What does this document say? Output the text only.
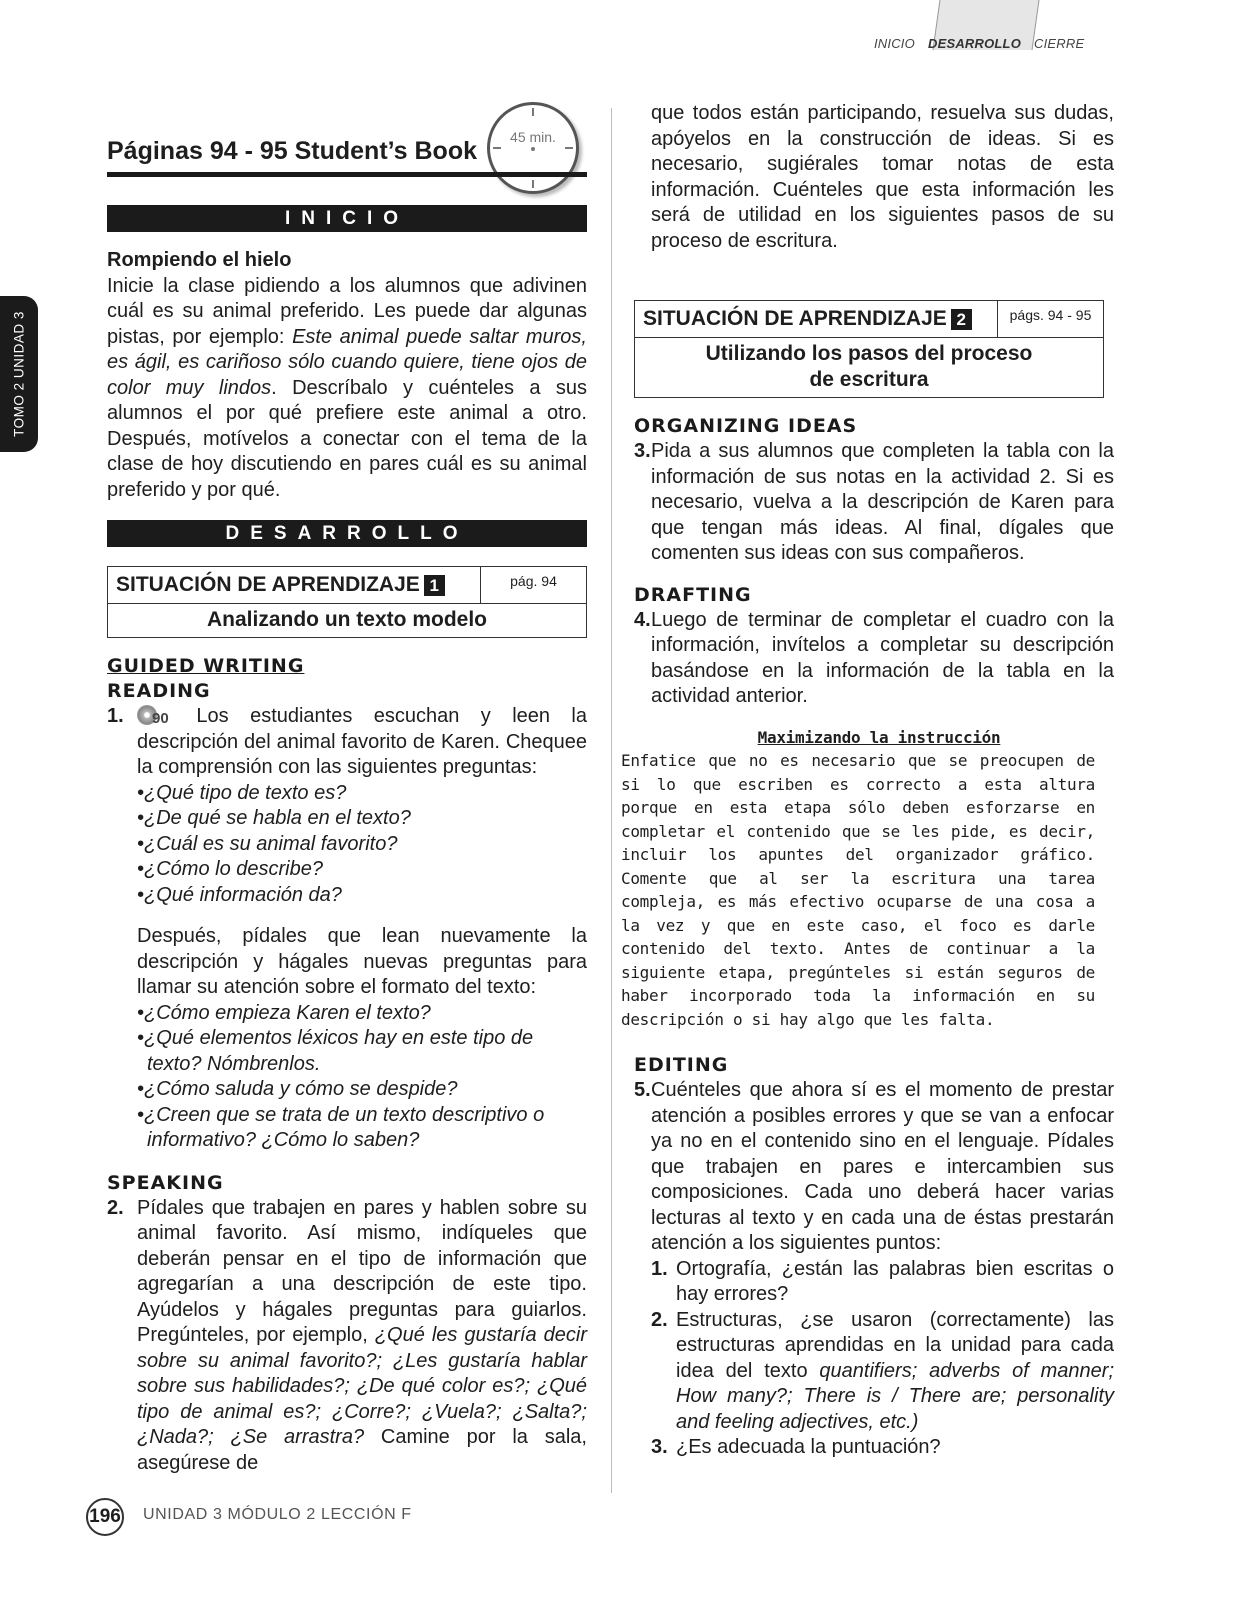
INICIO DESARROLLO CIERRE
TOMO 2 UNIDAD 3
45 min.
Páginas 94 - 95 Student’s Book
INICIO
Rompiendo el hielo

Inicie la clase pidiendo a los alumnos que adivinen cuál es su animal preferido. Les puede dar algunas pistas, por ejemplo: Este animal puede saltar muros, es ágil, es cariñoso sólo cuando quiere, tiene ojos de color muy lindos. Descríbalo y cuénteles a sus alumnos el por qué prefiere este animal a otro. Después, motívelos a conectar con el tema de la clase de hoy discutiendo en pares cuál es su animal preferido y por qué.

DESARROLLO
SITUACIÓN DE APRENDIZAJE 1	pág. 94
Analizando un texto modelo
GUIDED WRITING
READING
1.	90 Los estudiantes escuchan y leen la descripción del animal favorito de Karen. Chequee la comprensión con las siguientes preguntas:
•¿Qué tipo de texto es?
•¿De qué se habla en el texto?
•¿Cuál es su animal favorito?
•¿Cómo lo describe?
•¿Qué información da?

Después, pídales que lean nuevamente la descripción y hágales nuevas preguntas para llamar su atención sobre el formato del texto:

•¿Cómo empieza Karen el texto?
•¿Qué elementos léxicos hay en este tipo de
texto? Nómbrenlos.
•¿Cómo saluda y cómo se despide?
•¿Creen que se trata de un texto descriptivo o
informativo? ¿Cómo lo saben?
SPEAKING
2. Pídales que trabajen en pares y hablen sobre su animal favorito. Así mismo, indíqueles que deberán pensar en el tipo de información que agregarían a una descripción de este tipo. Ayúdelos y hágales preguntas para guiarlos. Pregúnteles, por ejemplo, ¿Qué les gustaría decir sobre su animal favorito?; ¿Les gustaría hablar sobre sus habilidades?; ¿De qué color es?; ¿Qué tipo de animal es?; ¿Corre?; ¿Vuela?; ¿Salta?; ¿Nada?; ¿Se arrastra? Camine por la sala, asegúrese de

que todos están participando, resuelva sus dudas, apóyelos en la construcción de ideas. Si es necesario, sugiérales tomar notas de esta información. Cuénteles que esta información les será de utilidad en los siguientes pasos de su proceso de escritura.

SITUACIÓN DE APRENDIZAJE 2	págs. 94 - 95
Utilizando los pasos del proceso de escritura
ORGANIZING IDEAS
3. Pida a sus alumnos que completen la tabla con la información de sus notas en la actividad 2. Si es necesario, vuelva a la descripción de Karen para que tengan más ideas. Al final, dígales que comenten sus ideas con sus compañeros.
DRAFTING
4. Luego de terminar de completar el cuadro con la información, invítelos a completar su descripción basándose en la información de la tabla en la actividad anterior.
Maximizando la instrucción

Enfatice que no es necesario que se preocupen de si lo que escriben es correcto a esta altura porque en esta etapa sólo deben esforzarse en completar el contenido que se les pide, es decir, incluir los apuntes del organizador gráfico. Comente que al ser la escritura una tarea compleja, es más efectivo ocuparse de una cosa a la vez y que en este caso, el foco es darle contenido del texto. Antes de continuar a la siguiente etapa, pregúnteles si están seguros de haber incorporado toda la información en su descripción o si hay algo que les falta.

EDITING
5. Cuénteles que ahora sí es el momento de prestar atención a posibles errores y que se van a enfocar ya no en el contenido sino en el lenguaje. Pídales que trabajen en pares e intercambien sus composiciones. Cada uno deberá hacer varias lecturas al texto y en cada una de éstas prestarán atención a los siguientes puntos:

1. Ortografía, ¿están las palabras bien escritas o hay errores?
2. Estructuras, ¿se usaron (correctamente) las estructuras aprendidas en la unidad para cada idea del texto quantifiers; adverbs of manner; How many?; There is / There are; personality and feeling adjectives, etc.)
3. ¿Es adecuada la puntuación?
196 UNIDAD 3 MÓDULO 2 LECCIÓN F
